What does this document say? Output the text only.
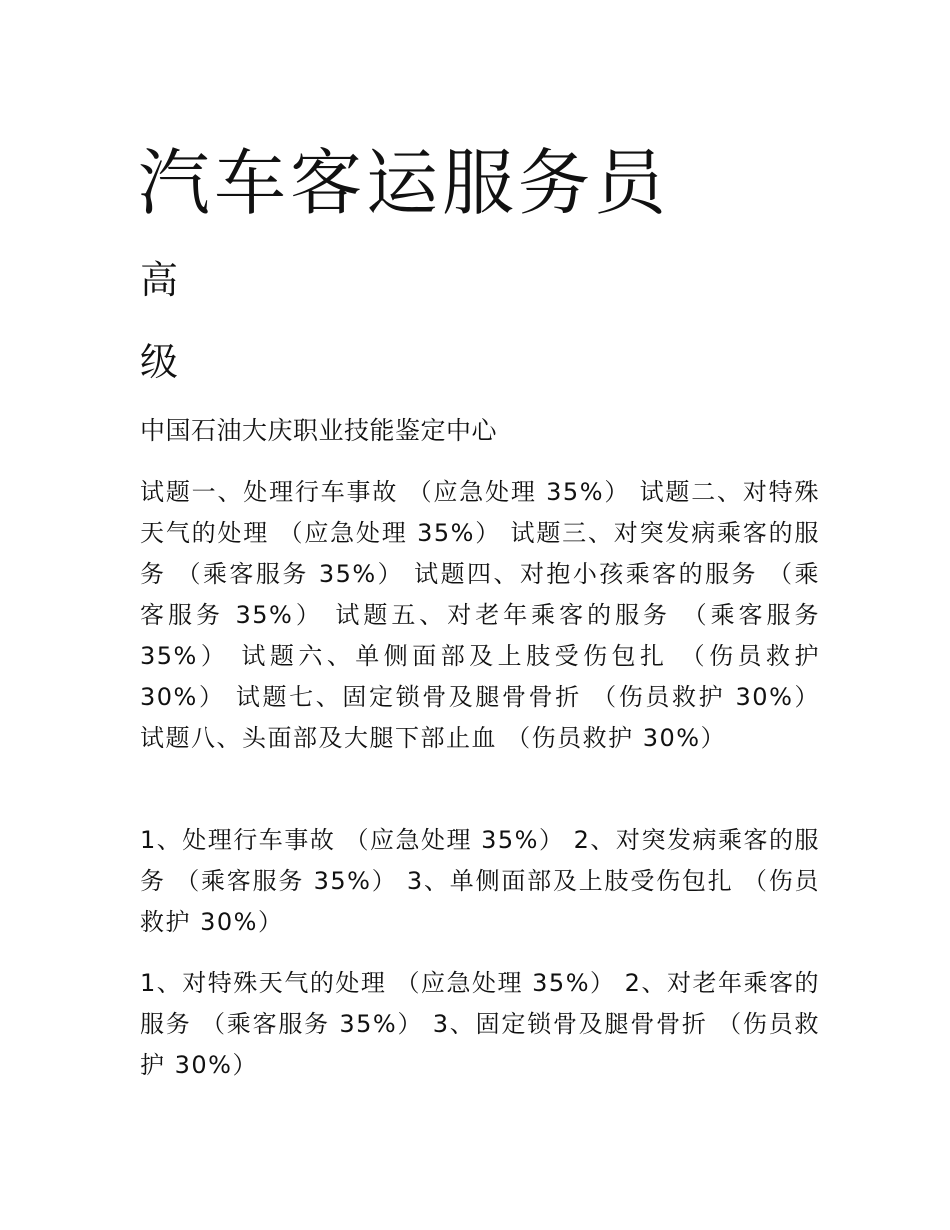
汽车客运服务员
高
级
中国石油大庆职业技能鉴定中心

试题一、处理行车事故 （应急处理 35%） 试题二、对特殊天气的处理 （应急处理 35%） 试题三、对突发病乘客的服务 （乘客服务 35%） 试题四、对抱小孩乘客的服务 （乘客服务 35%） 试题五、对老年乘客的服务 （乘客服务 35%） 试题六、单侧面部及上肢受伤包扎 （伤员救护 30%） 试题七、固定锁骨及腿骨骨折 （伤员救护 30%） 试题八、头面部及大腿下部止血 （伤员救护 30%）

1、处理行车事故 （应急处理 35%） 2、对突发病乘客的服务 （乘客服务 35%） 3、单侧面部及上肢受伤包扎 （伤员救护 30%）

1、对特殊天气的处理 （应急处理 35%） 2、对老年乘客的服务 （乘客服务 35%） 3、固定锁骨及腿骨骨折 （伤员救护 30%）
